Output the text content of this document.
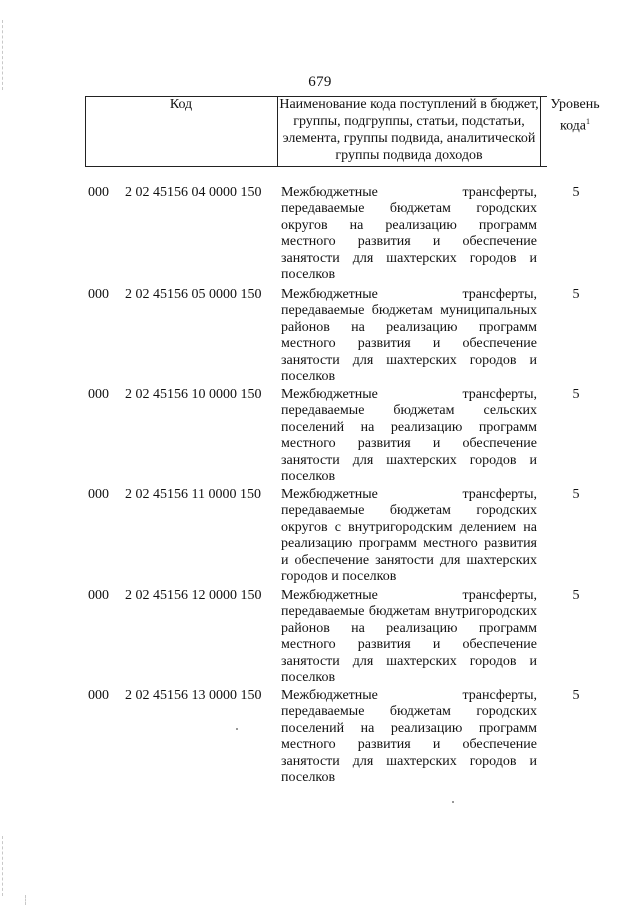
679
Код	Наименование кода поступлений в бюджет, группы, подгруппы, статьи, подстатьи, элемента, группы подвида, аналитической группы подвида доходов
Уровень кода$^1$
000 2 02 45156 04 0000 150 Межбюджетные трансферты, передаваемые бюджетам городских округов на реализацию программ местного развития и обеспечение занятости для шахтерских городов и поселков
5
000 2 02 45156 05 0000 150 Межбюджетные трансферты, передаваемые бюджетам муниципальных районов на реализацию программ местного развития и обеспечение занятости для шахтерских городов и поселков
5
000 2 02 45156 10 0000 150 Межбюджетные трансферты, передаваемые бюджетам сельских поселений на реализацию программ местного развития и обеспечение занятости для шахтерских городов и поселков
5
000 2 02 45156 11 0000 150 Межбюджетные трансферты, передаваемые бюджетам городских округов с внутригородским делением на реализацию программ местного развития и обеспечение занятости для шахтерских городов и поселков
5
000 2 02 45156 12 0000 150 Межбюджетные трансферты, передаваемые бюджетам внутригородских районов на реализацию программ местного развития и обеспечение занятости для шахтерских городов и поселков
5
000 2 02 45156 13 0000 150 Межбюджетные трансферты, передаваемые бюджетам городских поселений на реализацию программ местного развития и обеспечение занятости для шахтерских городов и поселков
5
